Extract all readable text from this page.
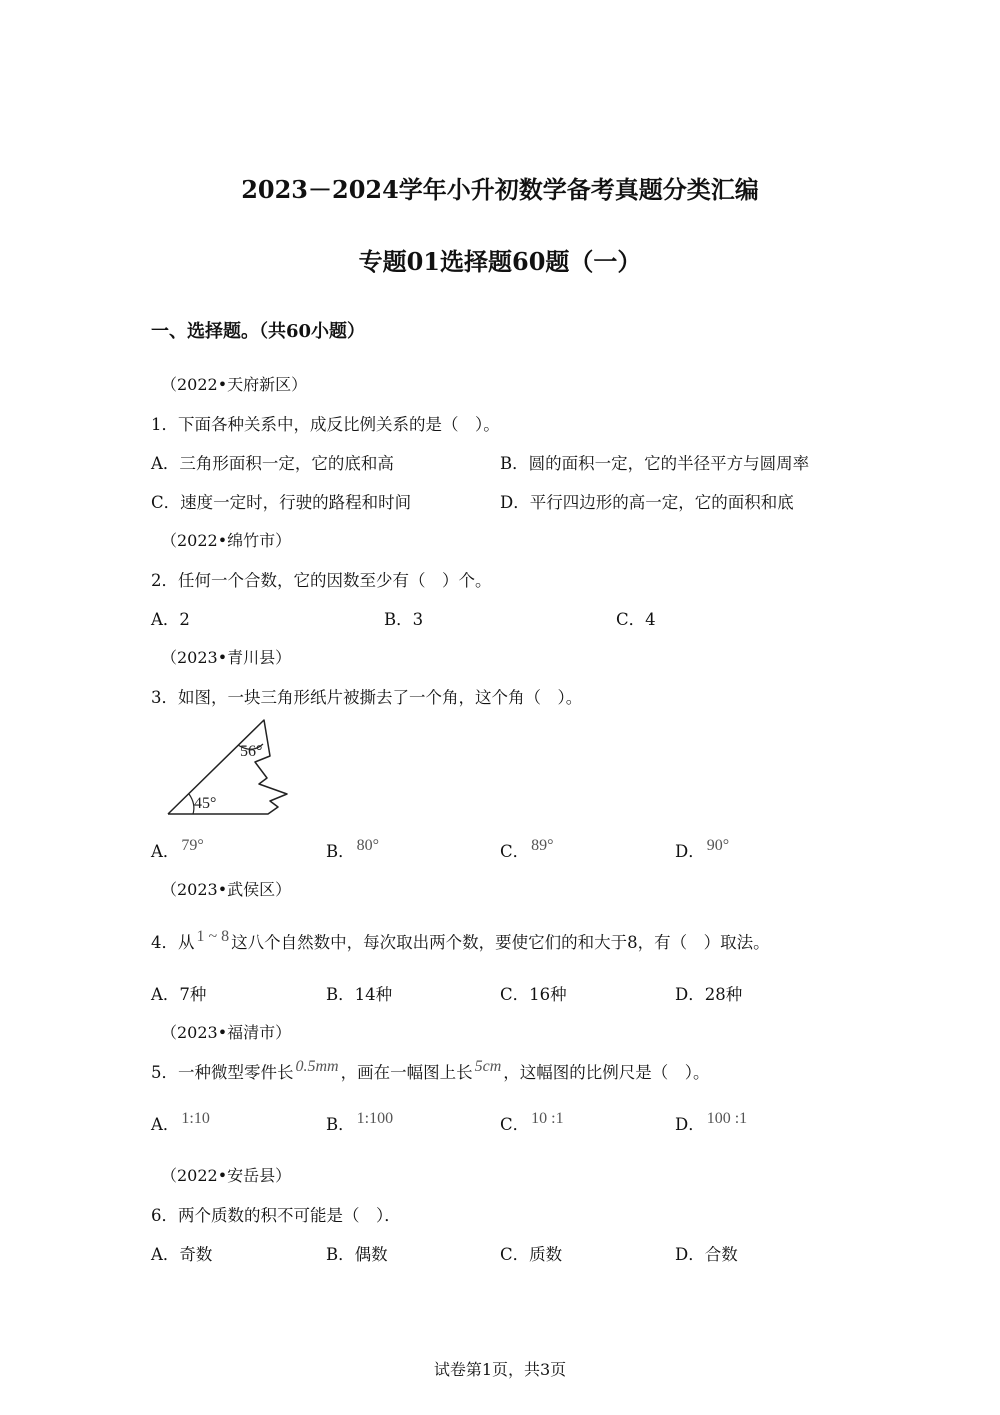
2023－2024学年小升初数学备考真题分类汇编
专题01选择题60题（一）
一、选择题。（共60小题）
（2022•天府新区）
1．下面各种关系中，成反比例关系的是（　）。
A．三角形面积一定，它的底和高	B．圆的面积一定，它的半径平方与圆周率
C．速度一定时，行驶的路程和时间	D．平行四边形的高一定，它的面积和底
（2022•绵竹市）
2．任何一个合数，它的因数至少有（　）个。
A．2	B．3	C．4
（2023•青川县）
3．如图，一块三角形纸片被撕去了一个角，这个角（　）。
56°
45°
A． 79°	B． 80°	C． 89°	D． 90°
（2023•武侯区）
4．从 1 ~ 8 这八个自然数中，每次取出两个数，要使它们的和大于8，有（　）取法。
A．7种	B．14种	C．16种	D．28种
（2023•福清市）
5．一种微型零件长 0.5mm ，画在一幅图上长 5cm ，这幅图的比例尺是（　）。
A． 1:10	B． 1:100	C． 10 :1	D． 100 :1
（2022•安岳县）
6．两个质数的积不可能是（　）．
A．奇数	B．偶数	C．质数	D．合数
试卷第1页，共3页
